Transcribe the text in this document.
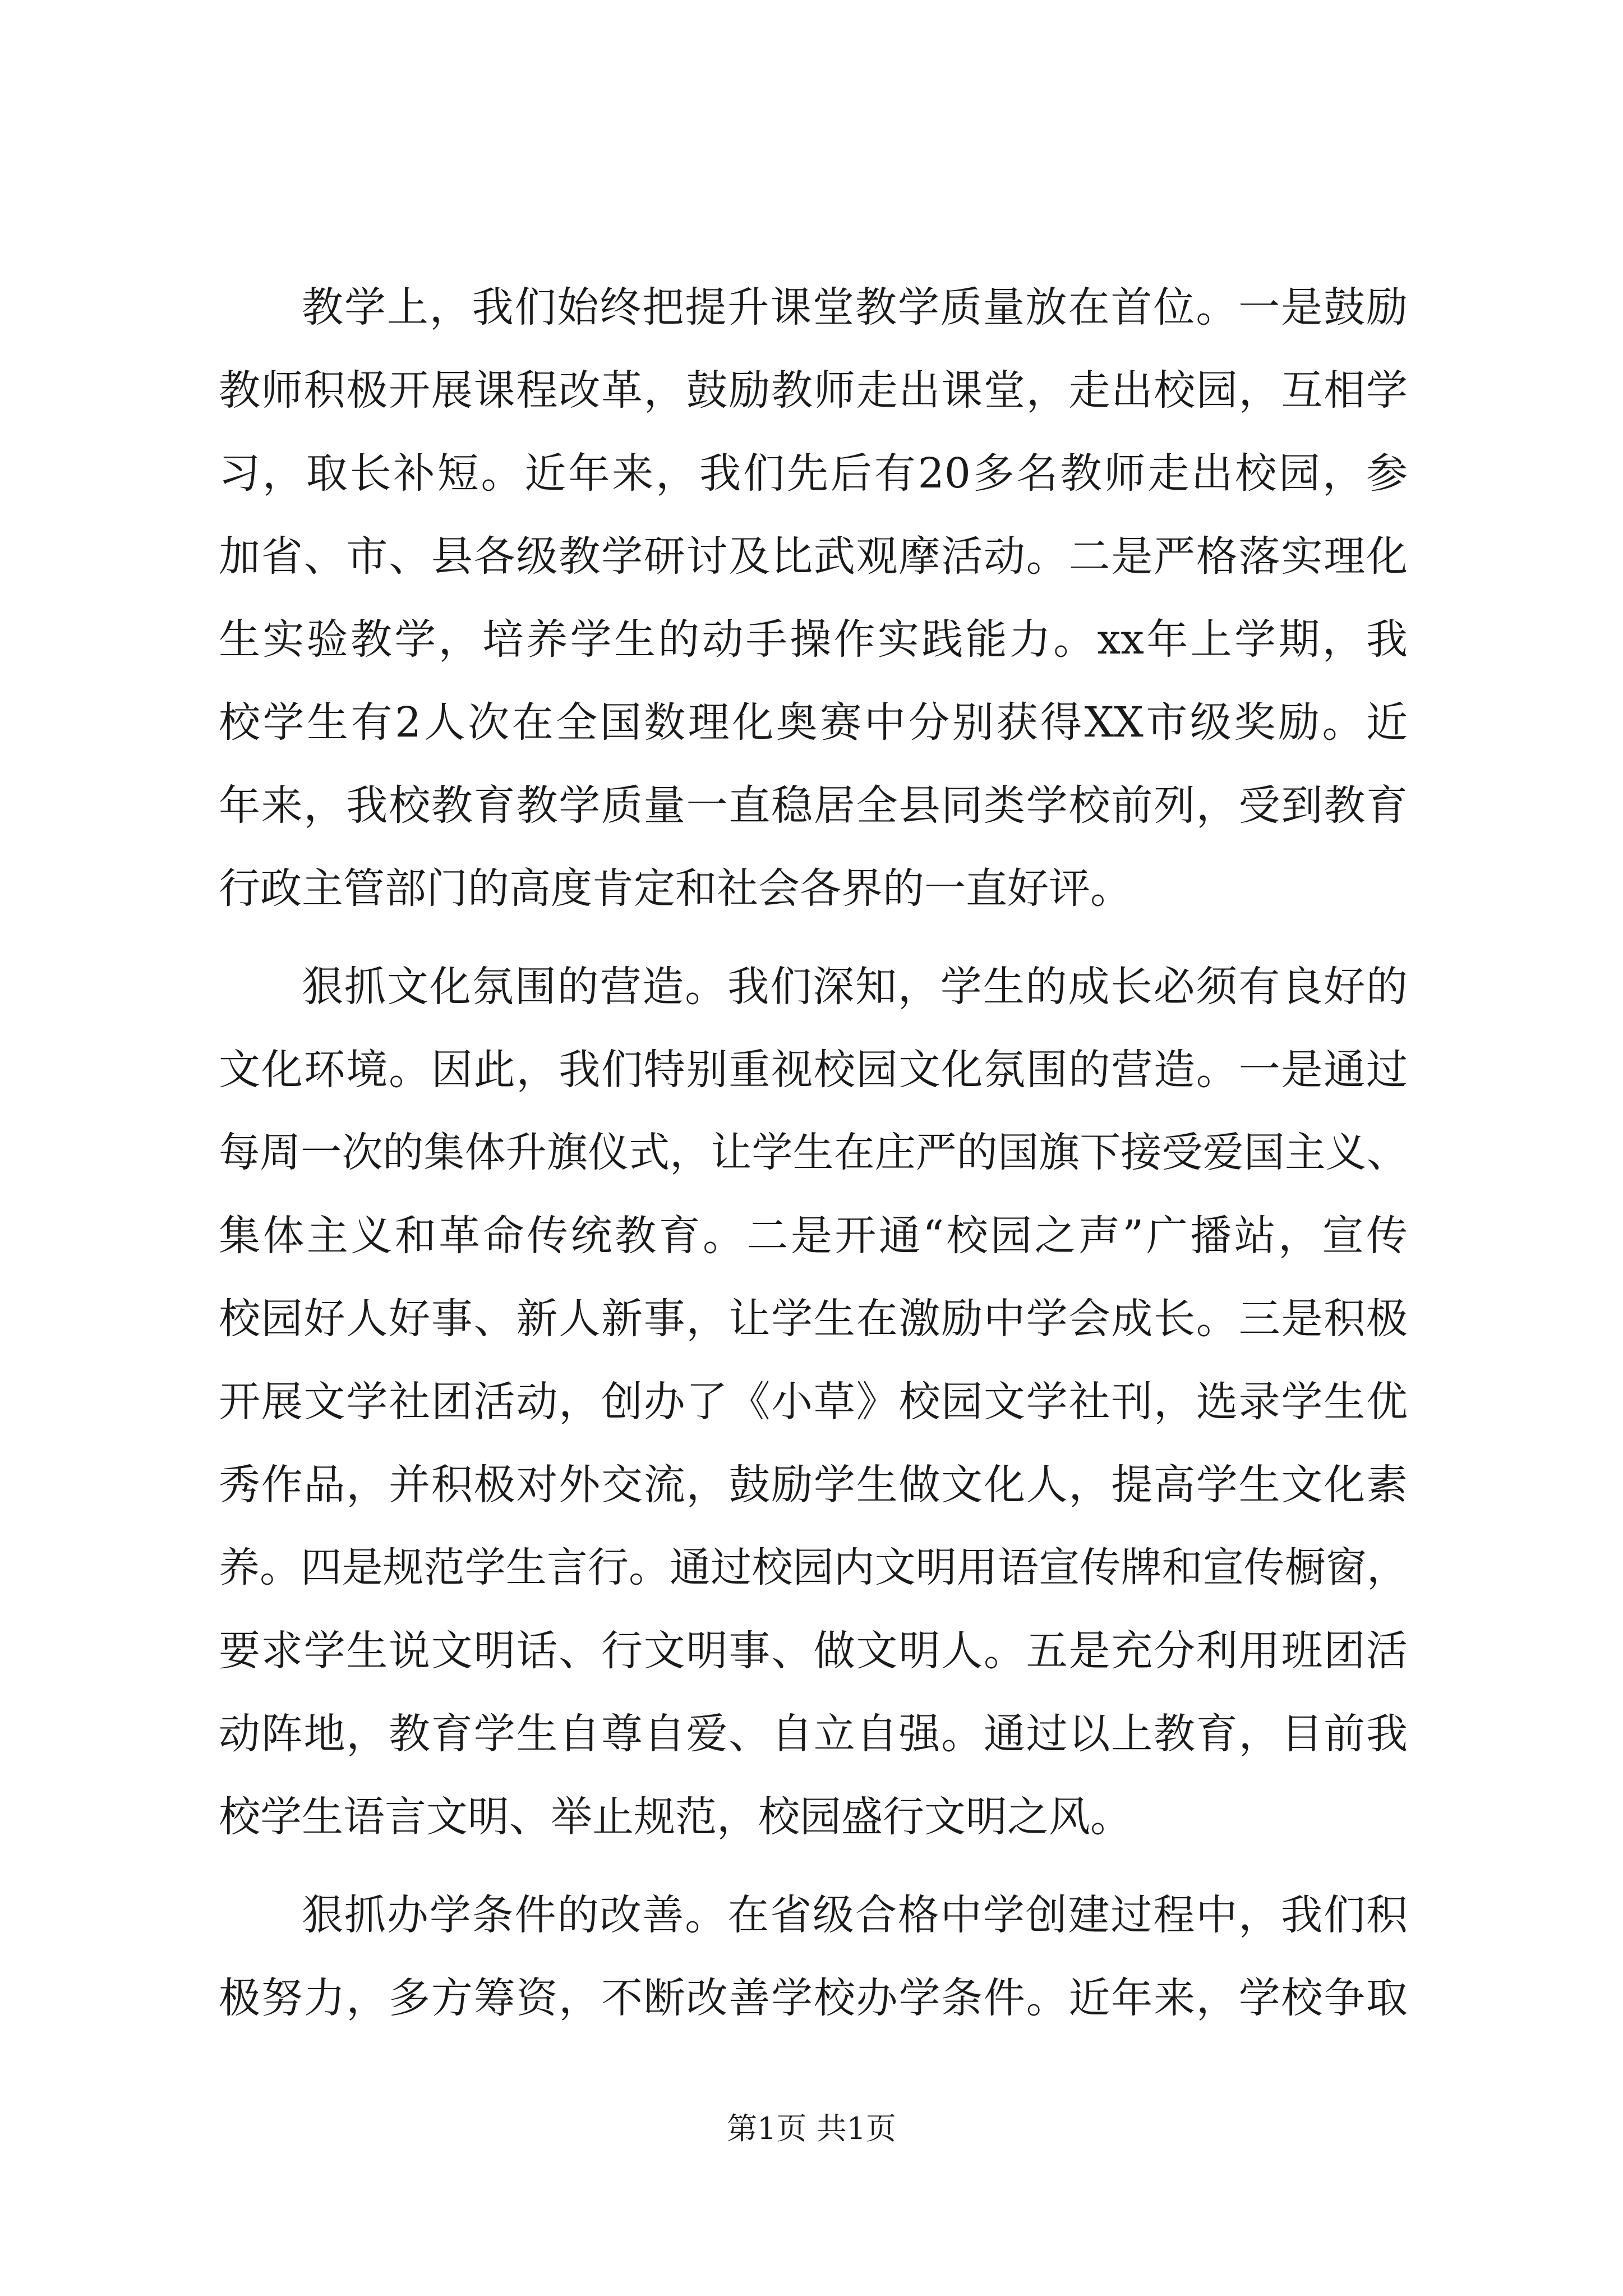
教学上，我们始终把提升课堂教学质量放在首位。一是鼓励
教师积极开展课程改革，鼓励教师走出课堂，走出校园，互相学
习，取长补短。近年来，我们先后有20多名教师走出校园，参
加省、市、县各级教学研讨及比武观摩活动。二是严格落实理化
生实验教学，培养学生的动手操作实践能力。xx年上学期，我
校学生有2人次在全国数理化奥赛中分别获得XX市级奖励。近
年来，我校教育教学质量一直稳居全县同类学校前列，受到教育
行政主管部门的高度肯定和社会各界的一直好评。
狠抓文化氛围的营造。我们深知，学生的成长必须有良好的
文化环境。因此，我们特别重视校园文化氛围的营造。一是通过
每周一次的集体升旗仪式，让学生在庄严的国旗下接受爱国主义、
集体主义和革命传统教育。二是开通“校园之声”广播站，宣传
校园好人好事、新人新事，让学生在激励中学会成长。三是积极
开展文学社团活动，创办了《小草》校园文学社刊，选录学生优
秀作品，并积极对外交流，鼓励学生做文化人，提高学生文化素
养。四是规范学生言行。通过校园内文明用语宣传牌和宣传橱窗，
要求学生说文明话、行文明事、做文明人。五是充分利用班团活
动阵地，教育学生自尊自爱、自立自强。通过以上教育，目前我
校学生语言文明、举止规范，校园盛行文明之风。
狠抓办学条件的改善。在省级合格中学创建过程中，我们积
极努力，多方筹资，不断改善学校办学条件。近年来，学校争取
第1页 共1页
